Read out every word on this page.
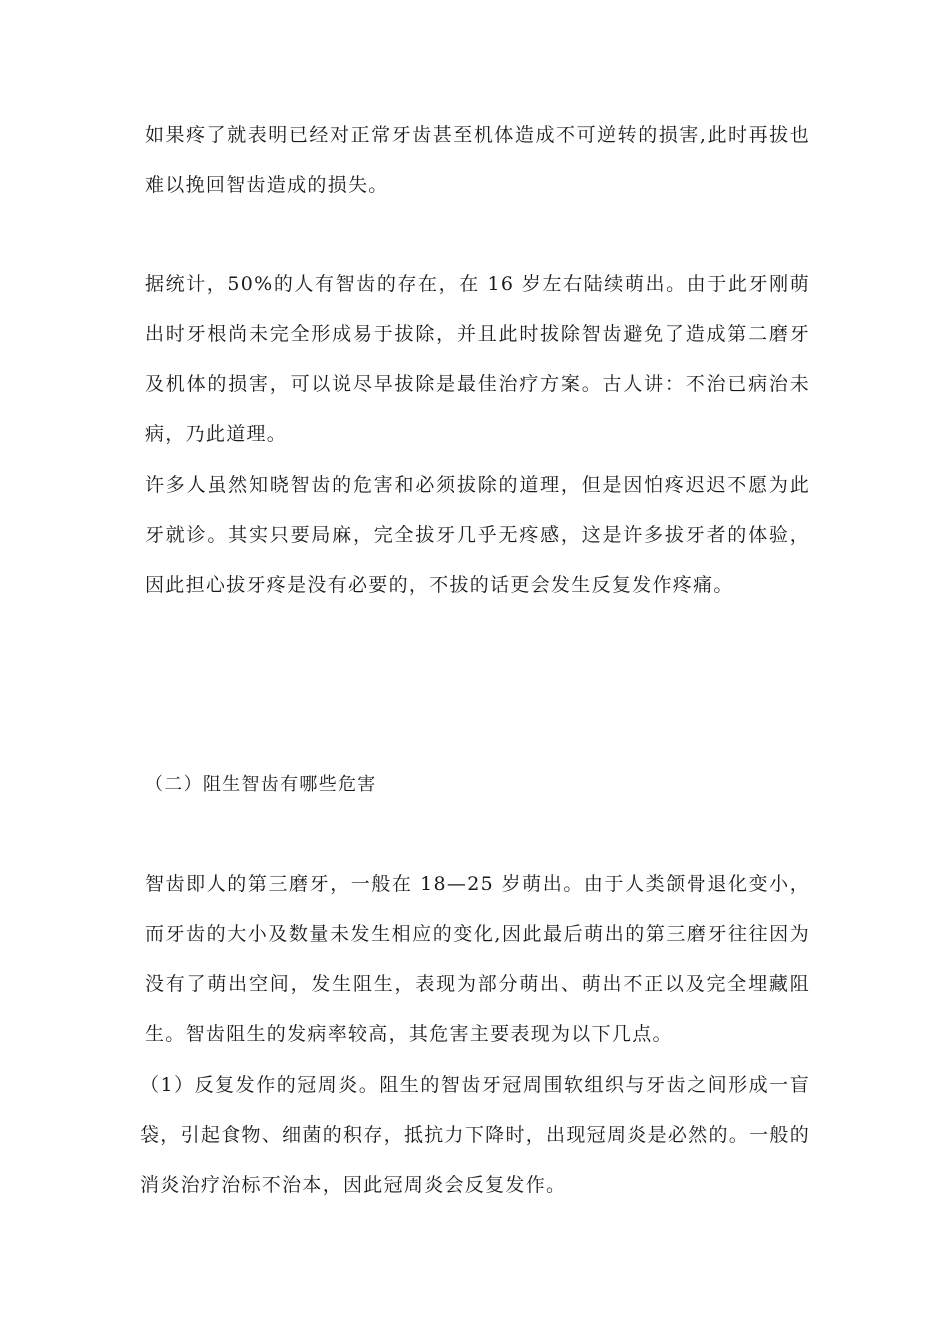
如果疼了就表明已经对正常牙齿甚至机体造成不可逆转的损害,此时再拔也难以挽回智齿造成的损失。

据统计，50%的人有智齿的存在，在 16 岁左右陆续萌出。由于此牙刚萌出时牙根尚未完全形成易于拔除，并且此时拔除智齿避免了造成第二磨牙及机体的损害，可以说尽早拔除是最佳治疗方案。古人讲：不治已病治未病，乃此道理。

许多人虽然知晓智齿的危害和必须拔除的道理，但是因怕疼迟迟不愿为此牙就诊。其实只要局麻，完全拔牙几乎无疼感，这是许多拔牙者的体验，因此担心拔牙疼是没有必要的，不拔的话更会发生反复发作疼痛。

（二）阻生智齿有哪些危害

智齿即人的第三磨牙，一般在 18—25 岁萌出。由于人类颌骨退化变小，而牙齿的大小及数量未发生相应的变化,因此最后萌出的第三磨牙往往因为没有了萌出空间，发生阻生，表现为部分萌出、萌出不正以及完全埋藏阻生。智齿阻生的发病率较高，其危害主要表现为以下几点。

（1）反复发作的冠周炎。阻生的智齿牙冠周围软组织与牙齿之间形成一盲袋，引起食物、细菌的积存，抵抗力下降时，出现冠周炎是必然的。一般的消炎治疗治标不治本，因此冠周炎会反复发作。
